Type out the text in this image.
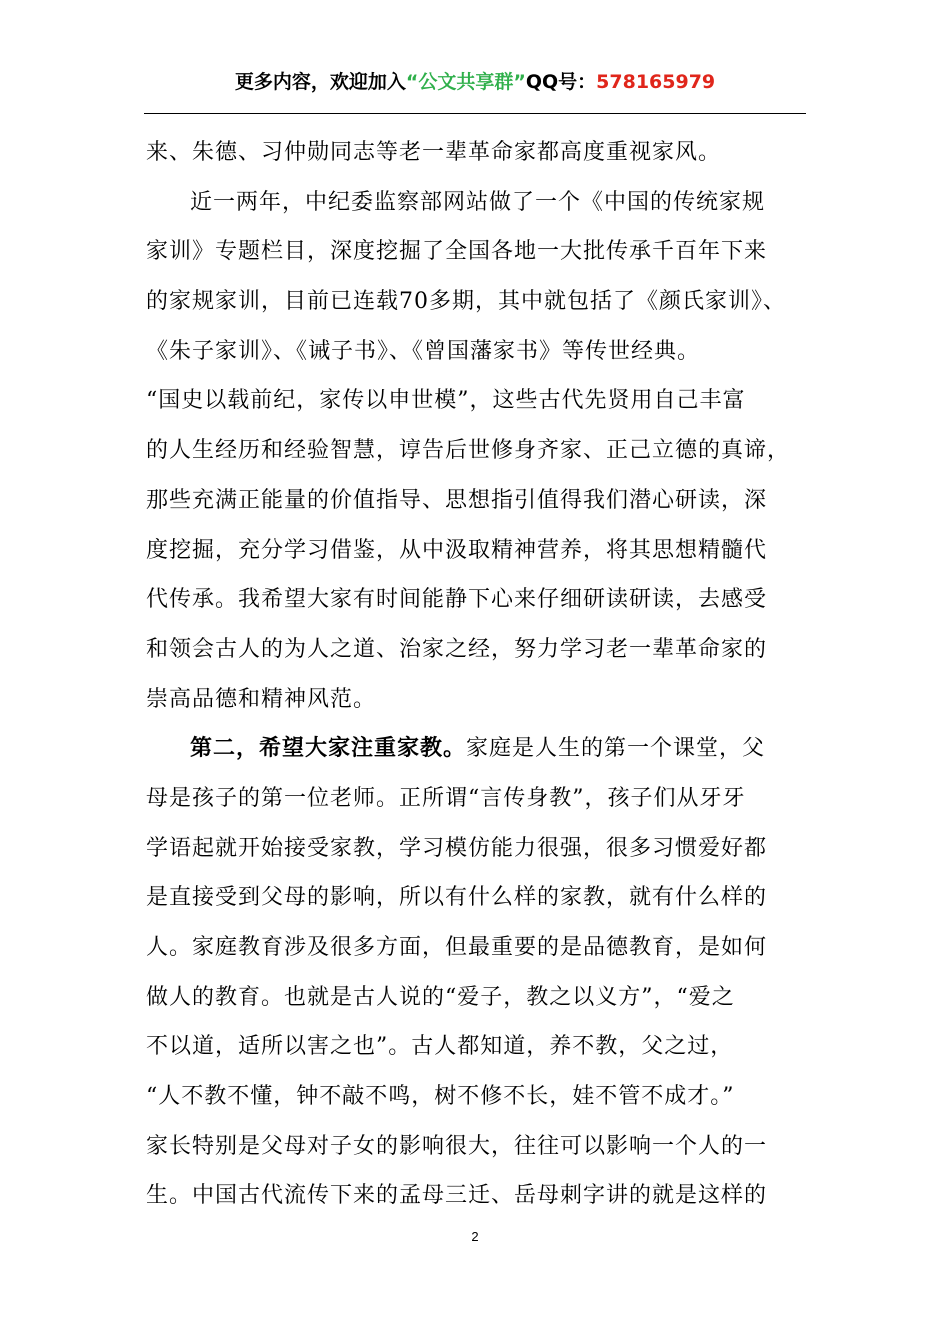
更多内容，欢迎加入“公文共享群”QQ号：578165979
来、朱德、习仲勋同志等老一辈革命家都高度重视家风。
近一两年，中纪委监察部网站做了一个《中国的传统家规
家训》专题栏目，深度挖掘了全国各地一大批传承千百年下来
的家规家训，目前已连载70多期，其中就包括了《颜氏家训》、
《朱子家训》、《诫子书》、《曾国藩家书》等传世经典。
“国史以载前纪，家传以申世模”，这些古代先贤用自己丰富
的人生经历和经验智慧，谆告后世修身齐家、正己立德的真谛，
那些充满正能量的价值指导、思想指引值得我们潜心研读，深
度挖掘，充分学习借鉴，从中汲取精神营养，将其思想精髓代
代传承。我希望大家有时间能静下心来仔细研读研读，去感受
和领会古人的为人之道、治家之经，努力学习老一辈革命家的
崇高品德和精神风范。
第二，希望大家注重家教。家庭是人生的第一个课堂，父
母是孩子的第一位老师。正所谓“言传身教”，孩子们从牙牙
学语起就开始接受家教，学习模仿能力很强，很多习惯爱好都
是直接受到父母的影响，所以有什么样的家教，就有什么样的
人。家庭教育涉及很多方面，但最重要的是品德教育，是如何
做人的教育。也就是古人说的“爱子，教之以义方”，“爱之
不以道，适所以害之也”。古人都知道，养不教，父之过，
“人不教不懂，钟不敲不鸣，树不修不长，娃不管不成才。”
家长特别是父母对子女的影响很大，往往可以影响一个人的一
生。中国古代流传下来的孟母三迁、岳母刺字讲的就是这样的
2
